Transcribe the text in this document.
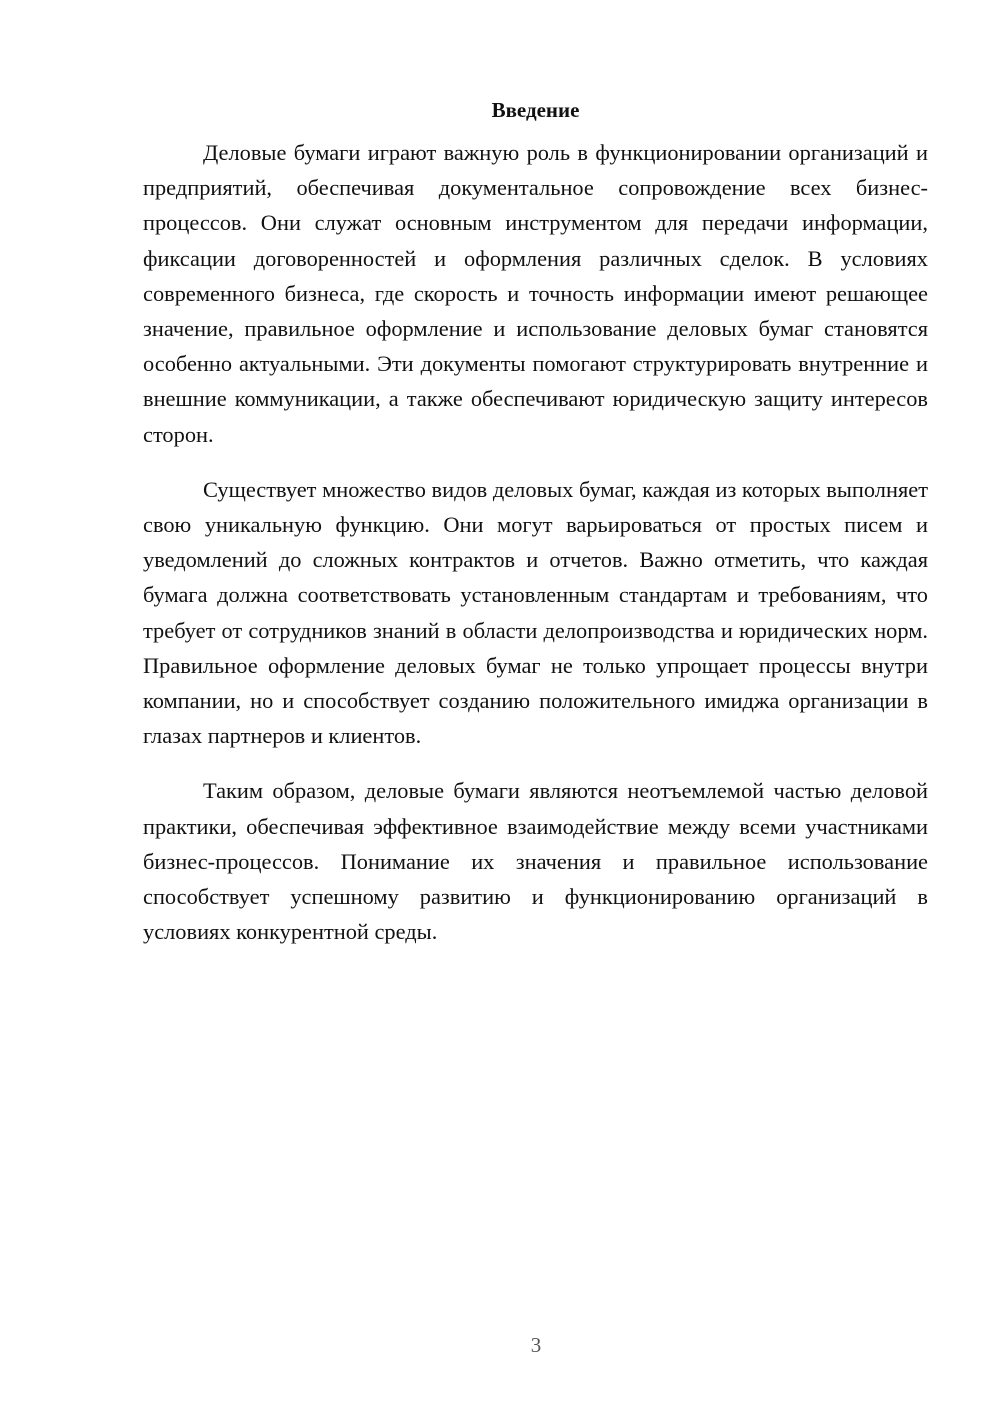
Введение

Деловые бумаги играют важную роль в функционировании организаций и предприятий, обеспечивая документальное сопровождение всех бизнес-процессов. Они служат основным инструментом для передачи информации, фиксации договоренностей и оформления различных сделок. В условиях современного бизнеса, где скорость и точность информации имеют решающее значение, правильное оформление и использование деловых бумаг становятся особенно актуальными. Эти документы помогают структурировать внутренние и внешние коммуникации, а также обеспечивают юридическую защиту интересов сторон.

Существует множество видов деловых бумаг, каждая из которых выполняет свою уникальную функцию. Они могут варьироваться от простых писем и уведомлений до сложных контрактов и отчетов. Важно отметить, что каждая бумага должна соответствовать установленным стандартам и требованиям, что требует от сотрудников знаний в области делопроизводства и юридических норм. Правильное оформление деловых бумаг не только упрощает процессы внутри компании, но и способствует созданию положительного имиджа организации в глазах партнеров и клиентов.

Таким образом, деловые бумаги являются неотъемлемой частью деловой практики, обеспечивая эффективное взаимодействие между всеми участниками бизнес-процессов. Понимание их значения и правильное использование способствует успешному развитию и функционированию организаций в условиях конкурентной среды.

3
